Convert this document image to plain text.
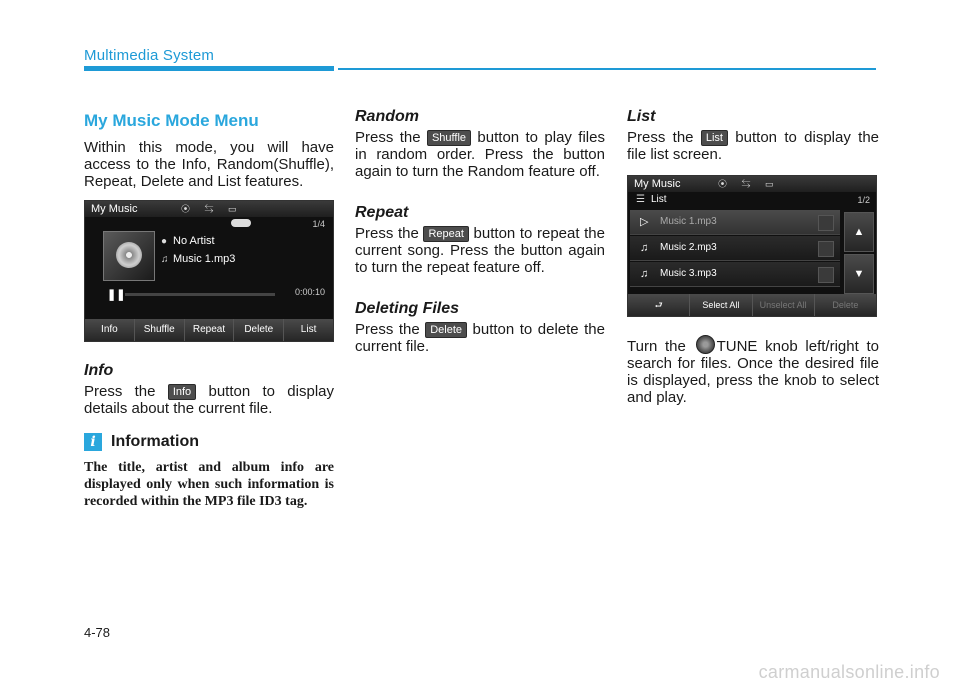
Multimedia System
My Music Mode Menu

Within this mode, you will have access to the Info, Random(Shuffle), Repeat, Delete and List features.

My Music	⦿ ⇆ ▭
1/4
● No Artist
♫ Music 1.mp3
❚❚	0:00:10
Info	Shuffle	Repeat	Delete	List
Info

Press the Info button to display details about the current file.

i Information

The title, artist and album info are displayed only when such information is recorded within the MP3 file ID3 tag.

Random

Press the Shuffle button to play files in random order. Press the button again to turn the Random feature off.

Repeat

Press the Repeat button to repeat the current song. Press the button again to turn the repeat feature off.

Deleting Files

Press the Delete button to delete the current file.

List

Press the List button to display the file list screen.

My Music	⦿ ⇆ ▭
☰ List	1/2
▷ Music 1.mp3
♫ Music 2.mp3
♫ Music 3.mp3
▲
▼
⮐	Select All	Unselect All	Delete

Turn the TUNE knob left/right to search for files. Once the desired file is displayed, press the knob to select and play.

4-78
carmanualsonline.info
